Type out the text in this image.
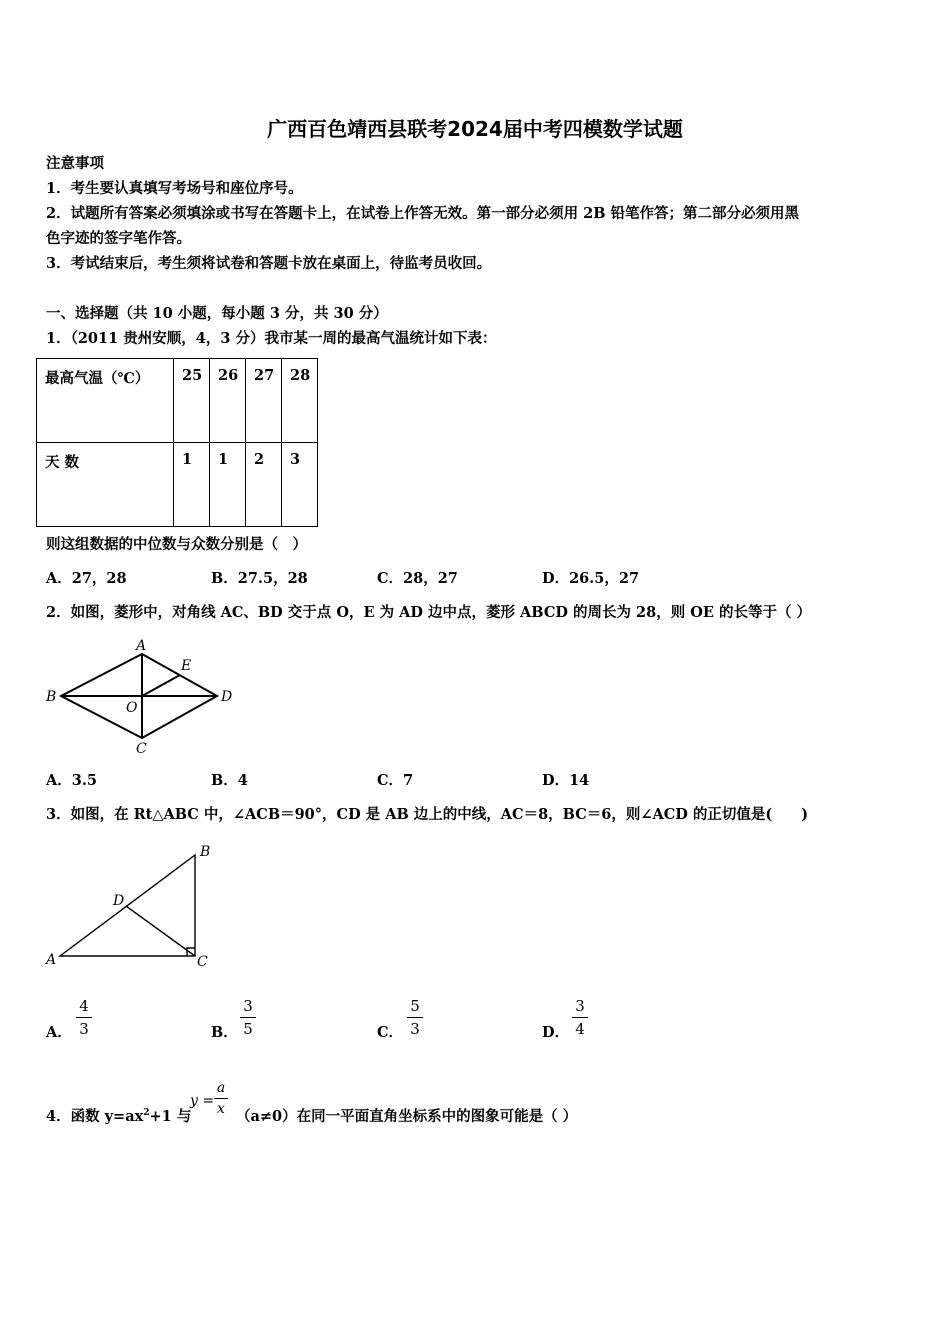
广西百色靖西县联考2024届中考四模数学试题
注意事项
1．考生要认真填写考场号和座位序号。
2．试题所有答案必须填涂或书写在答题卡上，在试卷上作答无效。第一部分必须用 2B 铅笔作答；第二部分必须用黑
色字迹的签字笔作答。
3．考试结束后，考生须将试卷和答题卡放在桌面上，待监考员收回。
一、选择题（共 10 小题，每小题 3 分，共 30 分）
1．（2011 贵州安顺，4，3 分）我市某一周的最高气温统计如下表：
最高气温（℃）	25	26	27	28
天 数	1	1	2	3
则这组数据的中位数与众数分别是（　）
A．27，28	B．27.5，28	C．28，27	D．26.5，27
2．如图，菱形中，对角线 AC、BD 交于点 O，E 为 AD 边中点，菱形 ABCD 的周长为 28，则 OE 的长等于（ ）
A
B
C
D
E
O
A．3.5	B．4	C．7	D．14
3．如图，在 Rt△ABC 中，∠ACB＝90°，CD 是 AB 边上的中线，AC＝8，BC＝6，则∠ACD 的正切值是(　　)
A
B
C
D
A．
4
3	B．
3
5	C．
5
3	D．
3
4
4．函数 $y=ax^2+1$ 与
y =
a
x （a≠0）在同一平面直角坐标系中的图象可能是（ ）
